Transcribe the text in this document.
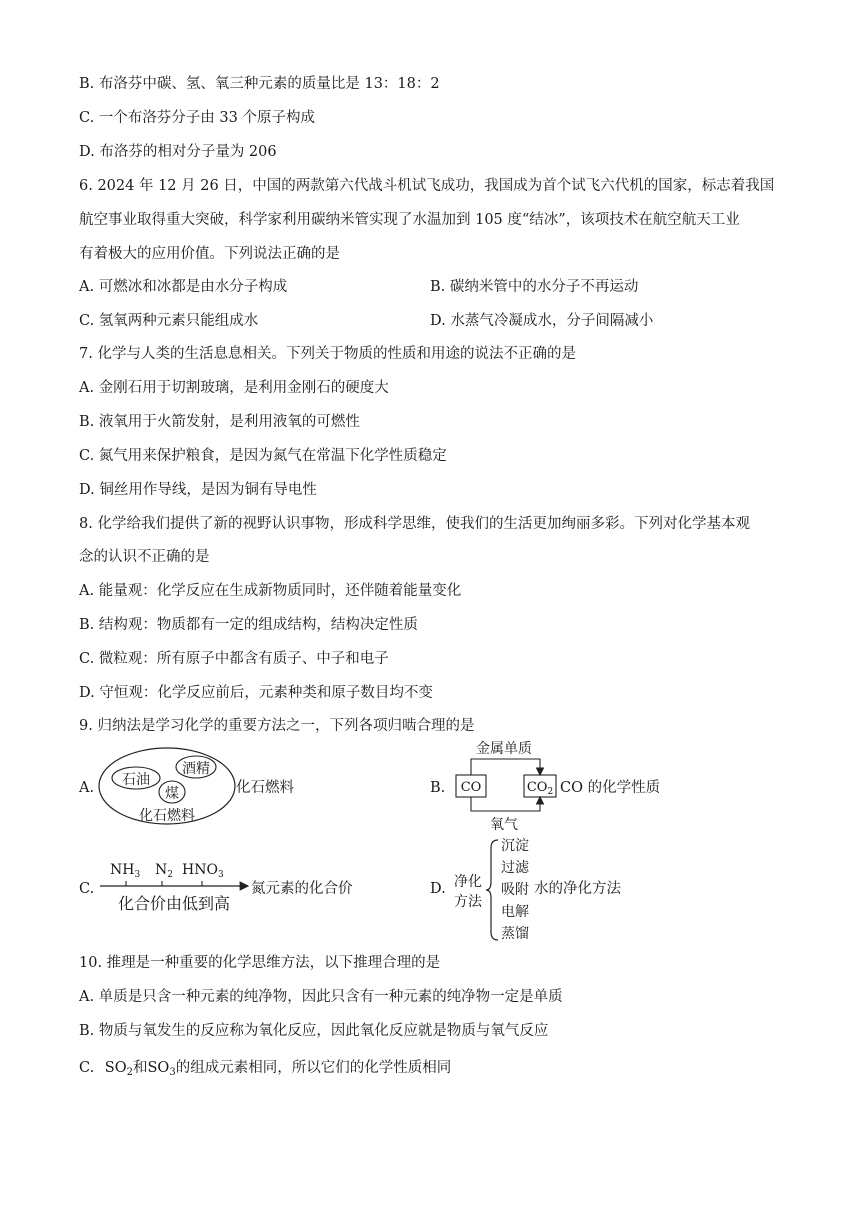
B. 布洛芬中碳、氢、氧三种元素的质量比是 13：18：2
C. 一个布洛芬分子由 33 个原子构成
D. 布洛芬的相对分子量为 206
6. 2024 年 12 月 26 日，中国的两款第六代战斗机试飞成功，我国成为首个试飞六代机的国家，标志着我国
航空事业取得重大突破，科学家利用碳纳米管实现了水温加到 105 度“结冰”，该项技术在航空航天工业
有着极大的应用价值。下列说法正确的是
A. 可燃冰和冰都是由水分子构成	B. 碳纳米管中的水分子不再运动
C. 氢氧两种元素只能组成水	D. 水蒸气冷凝成水，分子间隔减小
7. 化学与人类的生活息息相关。下列关于物质的性质和用途的说法不正确的是
A. 金刚石用于切割玻璃，是利用金刚石的硬度大
B. 液氧用于火箭发射，是利用液氧的可燃性
C. 氮气用来保护粮食，是因为氮气在常温下化学性质稳定
D. 铜丝用作导线，是因为铜有导电性
8. 化学给我们提供了新的视野认识事物，形成科学思维，使我们的生活更加绚丽多彩。下列对化学基本观
念的认识不正确的是
A. 能量观：化学反应在生成新物质同时，还伴随着能量变化
B. 结构观：物质都有一定的组成结构，结构决定性质
C. 微粒观：所有原子中都含有质子、中子和电子
D. 守恒观：化学反应前后，元素种类和原子数目均不变
9. 归纳法是学习化学的重要方法之一，下列各项归啮合理的是
A. 石油
酒精
煤
化石燃料
化石燃料	B.
金属单质
CO	$CO_2$
氧气
CO 的化学性质
C.
$NH_3$ $N_2$ $HNO_3$
化合价由低到高
氮元素的化合价	D. 净化
方法
沉淀
过滤
吸附
电解
蒸馏
水的净化方法
10. 推理是一种重要的化学思维方法，以下推理合理的是
A. 单质是只含一种元素的纯净物，因此只含有一种元素的纯净物一定是单质
B. 物质与氧发生的反应称为氧化反应，因此氧化反应就是物质与氧气反应
C. $SO_2$和$SO_3$的组成元素相同，所以它们的化学性质相同
